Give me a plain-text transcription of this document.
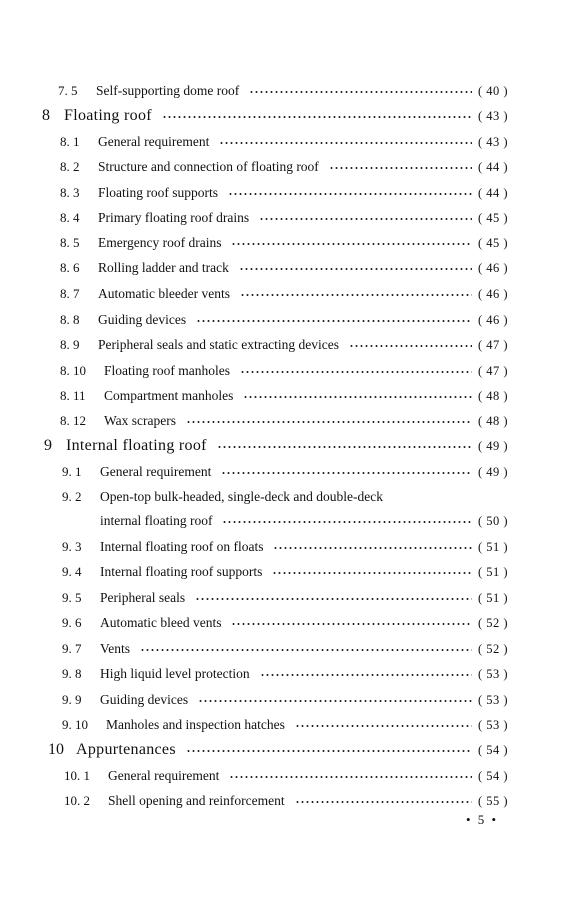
7. 5	Self-supporting dome roof	( 40 )
8 Floating roof	( 43 )
8. 1	General requirement	( 43 )
8. 2	Structure and connection of floating roof	( 44 )
8. 3	Floating roof supports	( 44 )
8. 4	Primary floating roof drains	( 45 )
8. 5	Emergency roof drains	( 45 )
8. 6	Rolling ladder and track	( 46 )
8. 7	Automatic bleeder vents	( 46 )
8. 8	Guiding devices	( 46 )
8. 9	Peripheral seals and static extracting devices	( 47 )
8. 10	Floating roof manholes	( 47 )
8. 11	Compartment manholes	( 48 )
8. 12	Wax scrapers	( 48 )
9 Internal floating roof	( 49 )
9. 1	General requirement	( 49 )
9. 2	Open-top bulk-headed, single-deck and double-deck
internal floating roof	( 50 )
9. 3	Internal floating roof on floats	( 51 )
9. 4	Internal floating roof supports	( 51 )
9. 5	Peripheral seals	( 51 )
9. 6	Automatic bleed vents	( 52 )
9. 7	Vents	( 52 )
9. 8	High liquid level protection	( 53 )
9. 9	Guiding devices	( 53 )
9. 10	Manholes and inspection hatches	( 53 )
10 Appurtenances	( 54 )
10. 1	General requirement	( 54 )
10. 2	Shell opening and reinforcement	( 55 )
• 5 •
